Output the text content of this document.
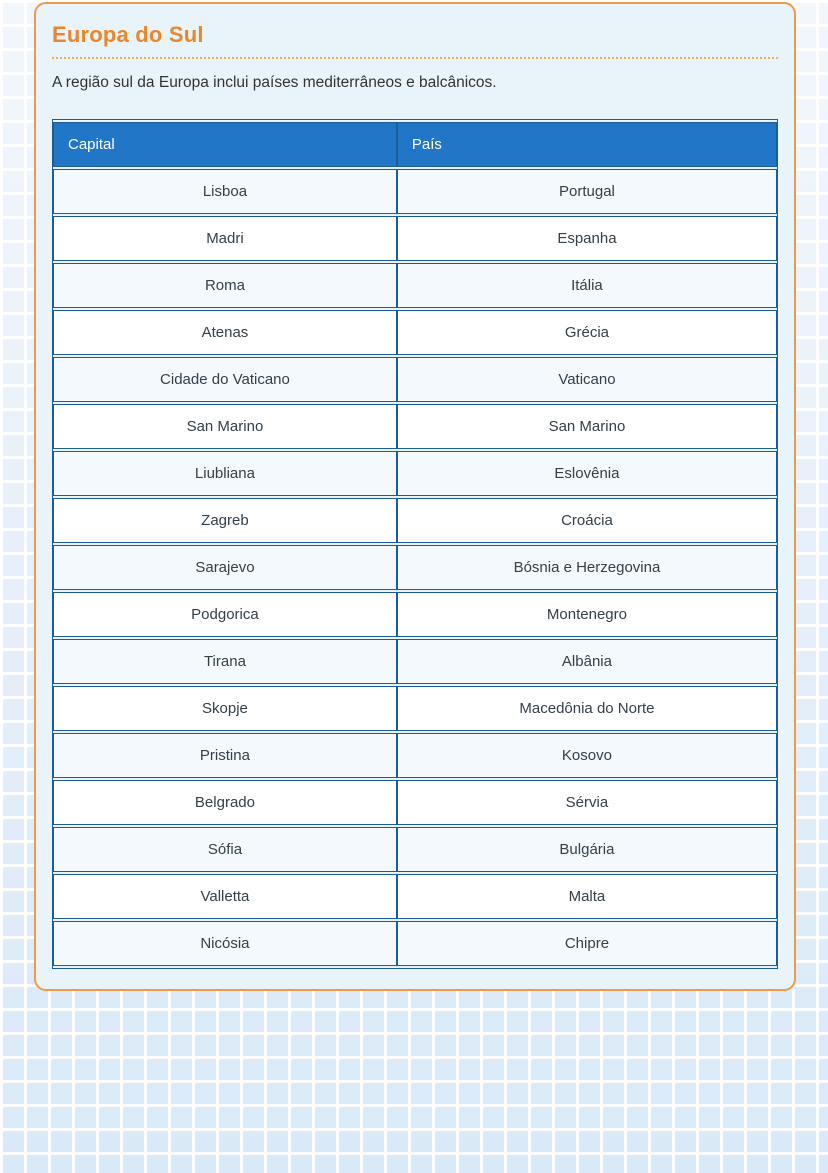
Europa do Sul

A região sul da Europa inclui países mediterrâneos e balcânicos.

Capital	País
Lisboa	Portugal
Madri	Espanha
Roma	Itália
Atenas	Grécia
Cidade do Vaticano	Vaticano
San Marino	San Marino
Liubliana	Eslovênia
Zagreb	Croácia
Sarajevo	Bósnia e Herzegovina
Podgorica	Montenegro
Tirana	Albânia
Skopje	Macedônia do Norte
Pristina	Kosovo
Belgrado	Sérvia
Sófia	Bulgária
Valletta	Malta
Nicósia	Chipre
